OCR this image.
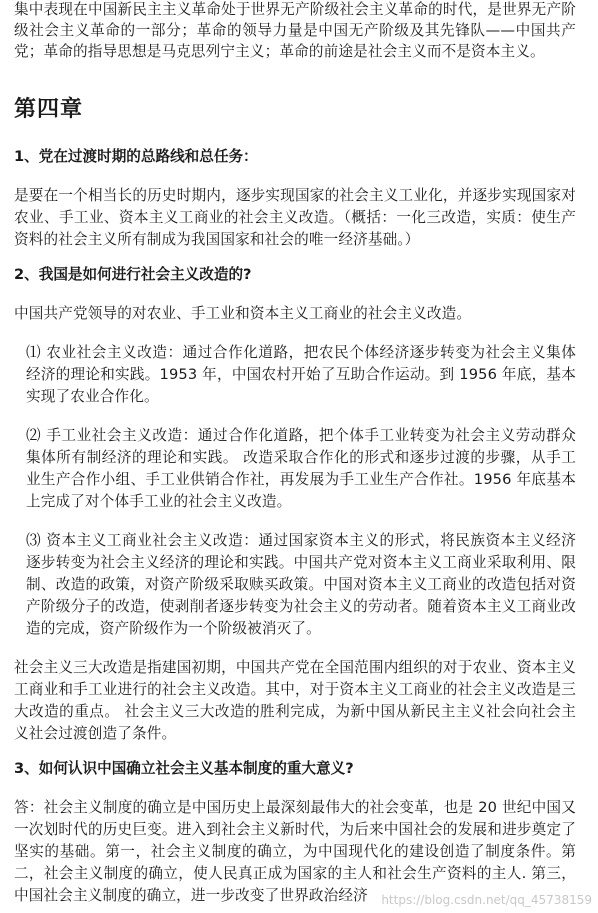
集中表现在中国新民主主义革命处于世界无产阶级社会主义革命的时代，是世界无产阶级社会主义革命的一部分；革命的领导力量是中国无产阶级及其先锋队——中国共产党；革命的指导思想是马克思列宁主义；革命的前途是社会主义而不是资本主义。

第四章

1、党在过渡时期的总路线和总任务：

是要在一个相当长的历史时期内，逐步实现国家的社会主义工业化，并逐步实现国家对农业、手工业、资本主义工商业的社会主义改造。（概括：一化三改造，实质：使生产资料的社会主义所有制成为我国国家和社会的唯一经济基础。）

2、我国是如何进行社会主义改造的?

中国共产党领导的对农业、手工业和资本主义工商业的社会主义改造。

⑴ 农业社会主义改造：通过合作化道路，把农民个体经济逐步转变为社会主义集体经济的理论和实践。1953 年，中国农村开始了互助合作运动。到 1956 年底，基本实现了农业合作化。

⑵ 手工业社会主义改造：通过合作化道路，把个体手工业转变为社会主义劳动群众集体所有制经济的理论和实践。 改造采取合作化的形式和逐步过渡的步骤，从手工业生产合作小组、手工业供销合作社，再发展为手工业生产合作社。1956 年底基本上完成了对个体手工业的社会主义改造。

⑶ 资本主义工商业社会主义改造：通过国家资本主义的形式，将民族资本主义经济逐步转变为社会主义经济的理论和实践。中国共产党对资本主义工商业采取利用、限制、改造的政策，对资产阶级采取赎买政策。中国对资本主义工商业的改造包括对资产阶级分子的改造，使剥削者逐步转变为社会主义的劳动者。随着资本主义工商业改造的完成，资产阶级作为一个阶级被消灭了。

社会主义三大改造是指建国初期，中国共产党在全国范围内组织的对于农业、资本主义工商业和手工业进行的社会主义改造。其中，对于资本主义工商业的社会主义改造是三大改造的重点。 社会主义三大改造的胜利完成，为新中国从新民主主义社会向社会主义社会过渡创造了条件。

3、如何认识中国确立社会主义基本制度的重大意义?

答：社会主义制度的确立是中国历史上最深刻最伟大的社会变革，也是 20 世纪中国又一次划时代的历史巨变。进入到社会主义新时代，为后来中国社会的发展和进步奠定了坚实的基础。第一，社会主义制度的确立，为中国现代化的建设创造了制度条件。第二，社会主义制度的确立，使人民真正成为国家的主人和社会生产资料的主人. 第三，中国社会主义制度的确立，进一步改变了世界政治经济	https://blog.csdn.net/qq_45738159
